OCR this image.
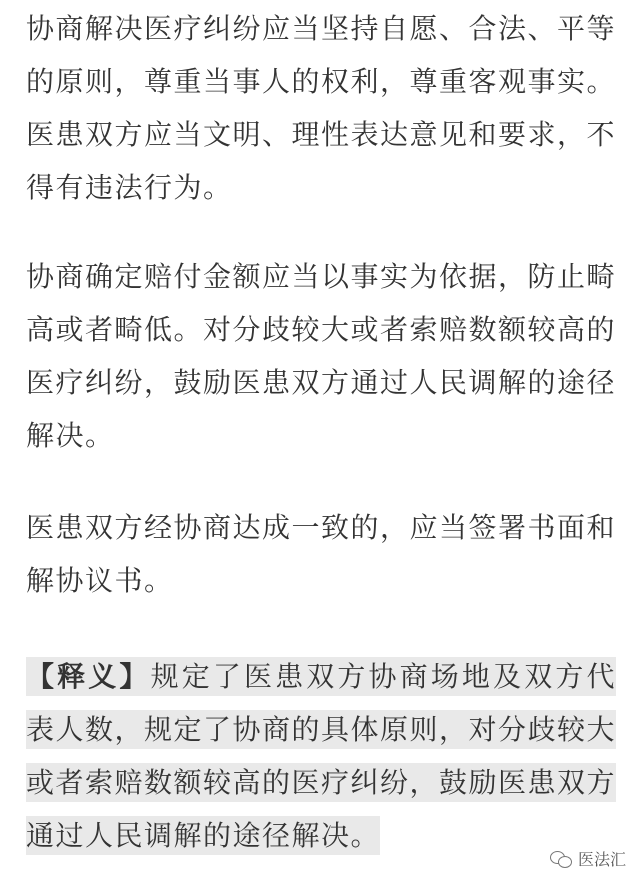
协商解决医疗纠纷应当坚持自愿、合法、平等的原则，尊重当事人的权利，尊重客观事实。医患双方应当文明、理性表达意见和要求，不得有违法行为。

协商确定赔付金额应当以事实为依据，防止畸高或者畸低。对分歧较大或者索赔数额较高的医疗纠纷，鼓励医患双方通过人民调解的途径解决。

医患双方经协商达成一致的，应当签署书面和解协议书。

【释义】规定了医患双方协商场地及双方代表人数，规定了协商的具体原则，对分歧较大或者索赔数额较高的医疗纠纷，鼓励医患双方通过人民调解的途径解决。

医法汇
